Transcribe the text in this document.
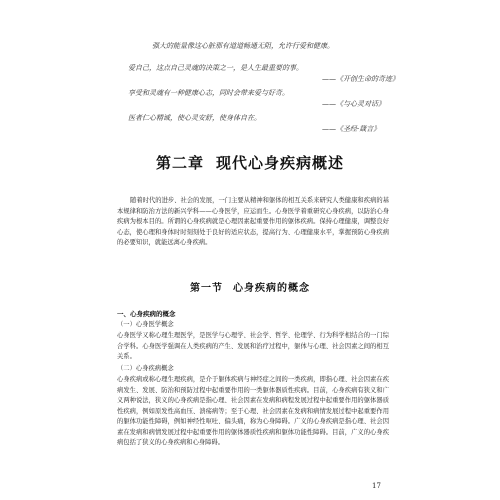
强大的能量像这心脏那有道道畅通无阻，允许行爱和健康。
爱自己，这点自己灵魂的决策之一，是人生最重要的事。
——《开创生命的奇迹》
享受和灵魂有一种健康心志，同时会带来爱与好奇。
——《与心灵对话》
医者仁心精诚，使心灵安舒，使身体自在。
——《圣经·箴言》
第二章 现代心身疾病概述
随着时代的进步、社会的发展，一门主要从精神和躯体的相互关系来研究人类健康和疾病的基本规律和防治方法的新兴学科——心身医学，应运而生。心身医学着重研究心身疾病，以防治心身疾病为根本目的。所谓的心身疾病就是心理因素起重要作用的躯体疾病。保持心理健康，调整良好心态，使心理和身体时时刻刻处于良好的适应状态，提高行为、心理健康水平，掌握预防心身疾病的必要知识，就能远离心身疾病。
第一节 心身疾病的概念
一、心身疾病的概念
（一）心身医学概念
心身医学又称心理生理医学，是医学与心理学、社会学、哲学、伦理学、行为科学相结合的一门综合学科。心身医学强调在人类疾病的产生、发展和治疗过程中，躯体与心理、社会因素之间的相互关系。
（二）心身疾病概念
心身疾病或称心理生理疾病，是介于躯体疾病与神经症之间的一类疾病，即指心理、社会因素在疾病发生、发展、防治和预防过程中起重要作用的一类躯体器质性疾病。目前，心身疾病有狭义和广义两种说法，狭义的心身疾病是指心理、社会因素在发病和病程发展过程中起重要作用的躯体器质性疾病，例如原发性高血压、溃疡病等；至于心理、社会因素在发病和病情发展过程中起重要作用的躯体功能性障碍，例如神经性呕吐、偏头痛，称为心身障碍。广义的心身疾病是指心理、社会因素在发病和病情发展过程中起重要作用的躯体器质性疾病和躯体功能性障碍。目前，广义的心身疾病包括了狭义的心身疾病和心身障碍。
17
